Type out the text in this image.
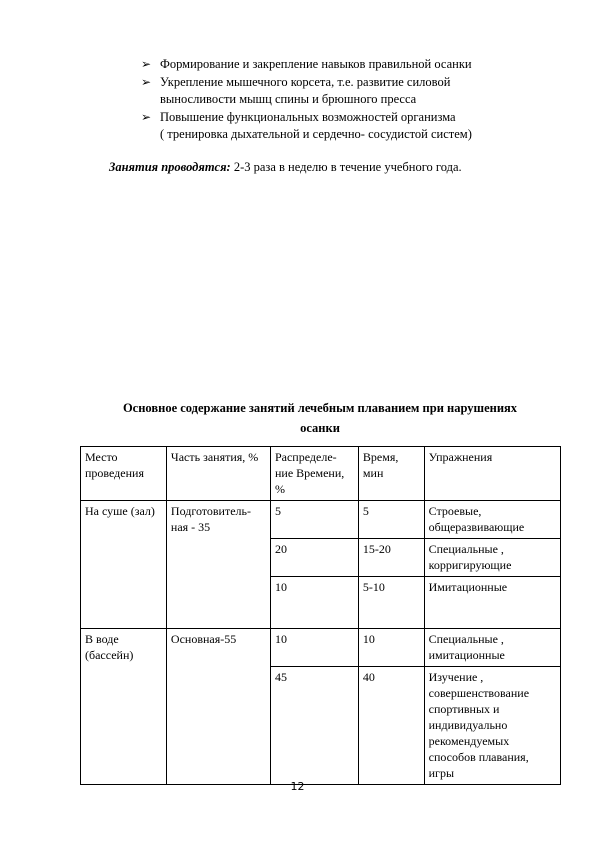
➢ Формирование и закрепление навыков правильной осанки
➢ Укрепление мышечного корсета, т.е. развитие силовой
выносливости мышц спины и брюшного пресса
➢ Повышение функциональных возможностей организма
( тренировка дыхательной и сердечно- сосудистой систем)
Занятия проводятся: 2-3 раза в неделю в течение учебного года.
Основное содержание занятий лечебным плаванием при нарушениях
осанки
Место проведения	Часть занятия, %	Распределе-ние Времени, %	Время, мин	Упражнения
На суше (зал)	Подготовитель-ная - 35	5	5	Строевые, общеразвивающие
		20	15-20	Специальные , корригирующие
		10	5-10	Имитационные
В воде (бассейн)	Основная-55	10	10	Специальные , имитационные
		45	40	Изучение , совершенствование спортивных и индивидуально рекомендуемых способов плавания, игры
12
